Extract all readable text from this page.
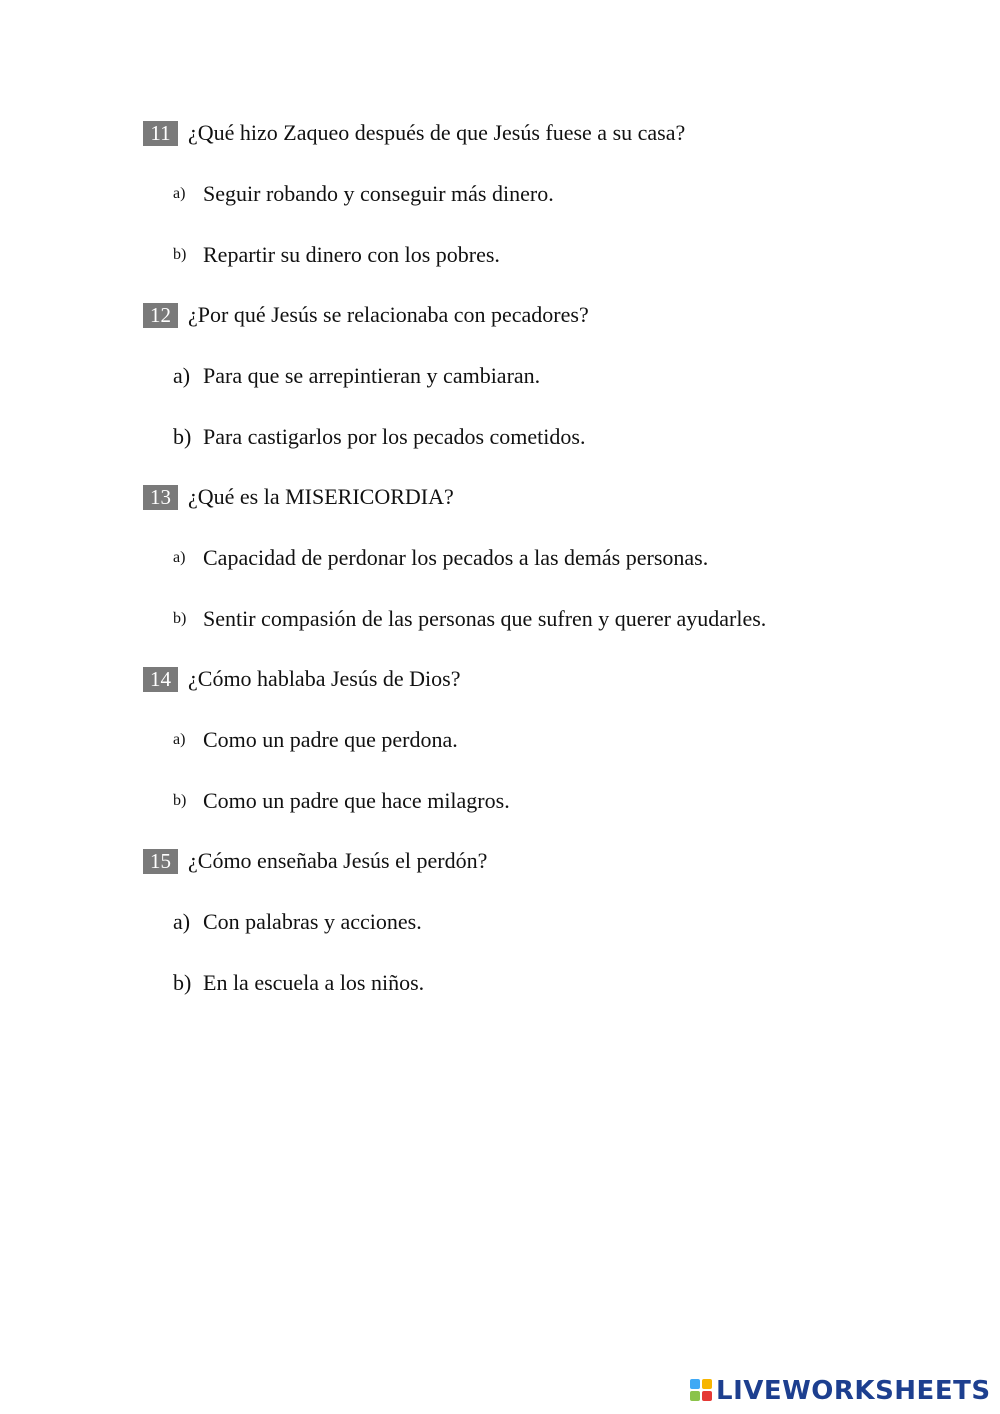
11 ¿Qué hizo Zaqueo después de que Jesús fuese a su casa?
a) Seguir robando y conseguir más dinero.
b) Repartir su dinero con los pobres.
12 ¿Por qué Jesús se relacionaba con pecadores?
a) Para que se arrepintieran y cambiaran.
b) Para castigarlos por los pecados cometidos.
13 ¿Qué es la MISERICORDIA?
a) Capacidad de perdonar los pecados a las demás personas.
b) Sentir compasión de las personas que sufren y querer ayudarles.
14 ¿Cómo hablaba Jesús de Dios?
a) Como un padre que perdona.
b) Como un padre que hace milagros.
15 ¿Cómo enseñaba Jesús el perdón?
a) Con palabras y acciones.
b) En la escuela a los niños.
LIVEWORKSHEETS
